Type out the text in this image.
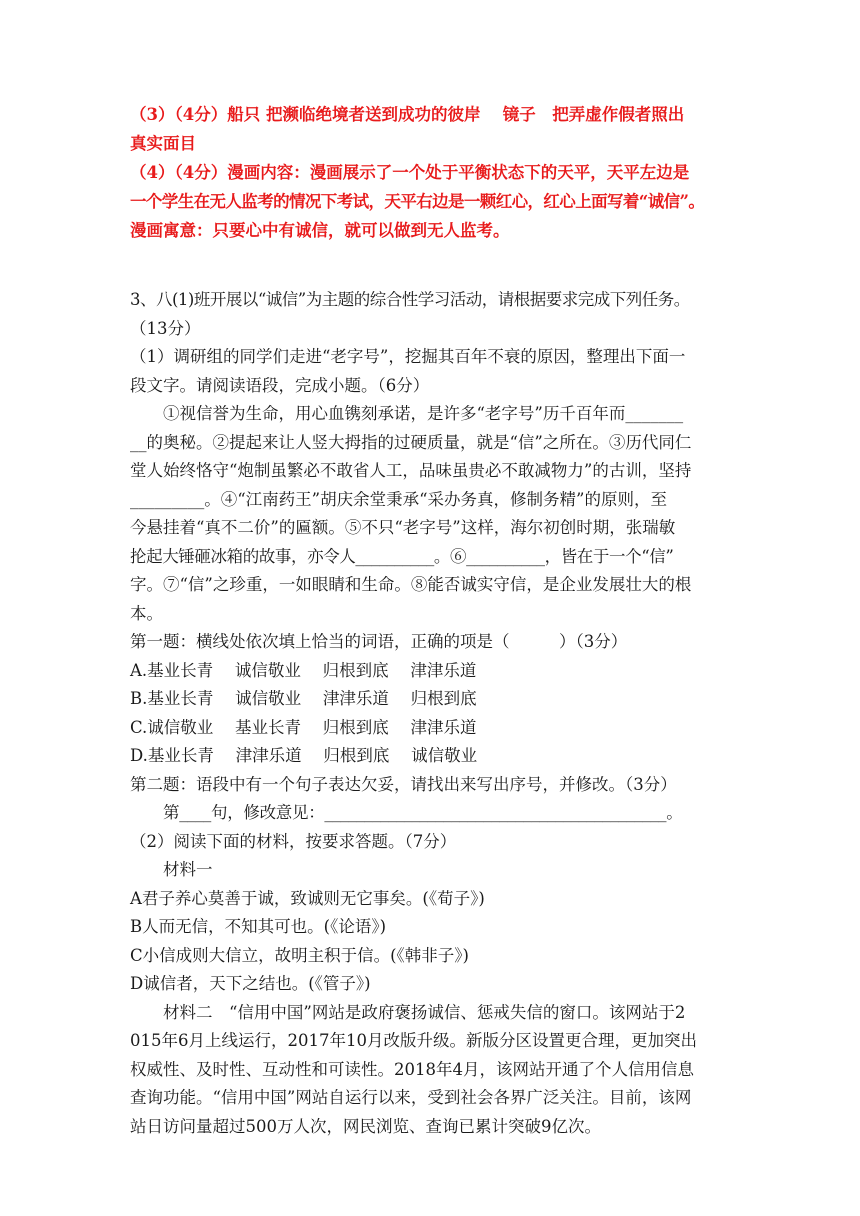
（3）（4分）船只 把濒临绝境者送到成功的彼岸　 镜子　把弄虚作假者照出

真实面目

（4）（4分）漫画内容：漫画展示了一个处于平衡状态下的天平，天平左边是

一个学生在无人监考的情况下考试，天平右边是一颗红心，红心上面写着“诚信”。

漫画寓意：只要心中有诚信，就可以做到无人监考。

3、八(1)班开展以“诚信”为主题的综合性学习活动，请根据要求完成下列任务。

（13分）

（1）调研组的同学们走进“老字号”，挖掘其百年不衰的原因，整理出下面一

段文字。请阅读语段，完成小题。（6分）

①视信誉为生命，用心血镌刻承诺，是许多“老字号”历千百年而_______

__的奥秘。②提起来让人竖大拇指的过硬质量，就是“信”之所在。③历代同仁

堂人始终恪守“炮制虽繁必不敢省人工，品味虽贵必不敢减物力”的古训，坚持

_________。④“江南药王”胡庆余堂秉承“采办务真，修制务精”的原则，至

今悬挂着“真不二价”的匾额。⑤不只“老字号”这样，海尔初创时期，张瑞敏

抡起大锤砸冰箱的故事，亦令人__________。⑥__________，皆在于一个“信”

字。⑦“信”之珍重，一如眼睛和生命。⑧能否诚实守信，是企业发展壮大的根

本。

第一题：横线处依次填上恰当的词语，正确的项是（　　　）（3分）

A.基业长青　 诚信敬业　 归根到底　 津津乐道

B.基业长青　 诚信敬业　 津津乐道　 归根到底

C.诚信敬业　 基业长青　 归根到底　 津津乐道

D.基业长青　 津津乐道　 归根到底　 诚信敬业

第二题：语段中有一个句子表达欠妥，请找出来写出序号，并修改。（3分）

第____句，修改意见：___________________________________________。

（2）阅读下面的材料，按要求答题。（7分）

材料一

A君子养心莫善于诚，致诚则无它事矣。(《荀子》)

B人而无信，不知其可也。(《论语》)

C小信成则大信立，故明主积于信。(《韩非子》)

D诚信者，天下之结也。(《管子》)

材料二　“信用中国”网站是政府褒扬诚信、惩戒失信的窗口。该网站于2

015年6月上线运行，2017年10月改版升级。新版分区设置更合理，更加突出

权威性、及时性、互动性和可读性。2018年4月，该网站开通了个人信用信息

查询功能。“信用中国”网站自运行以来，受到社会各界广泛关注。目前，该网

站日访问量超过500万人次，网民浏览、查询已累计突破9亿次。
